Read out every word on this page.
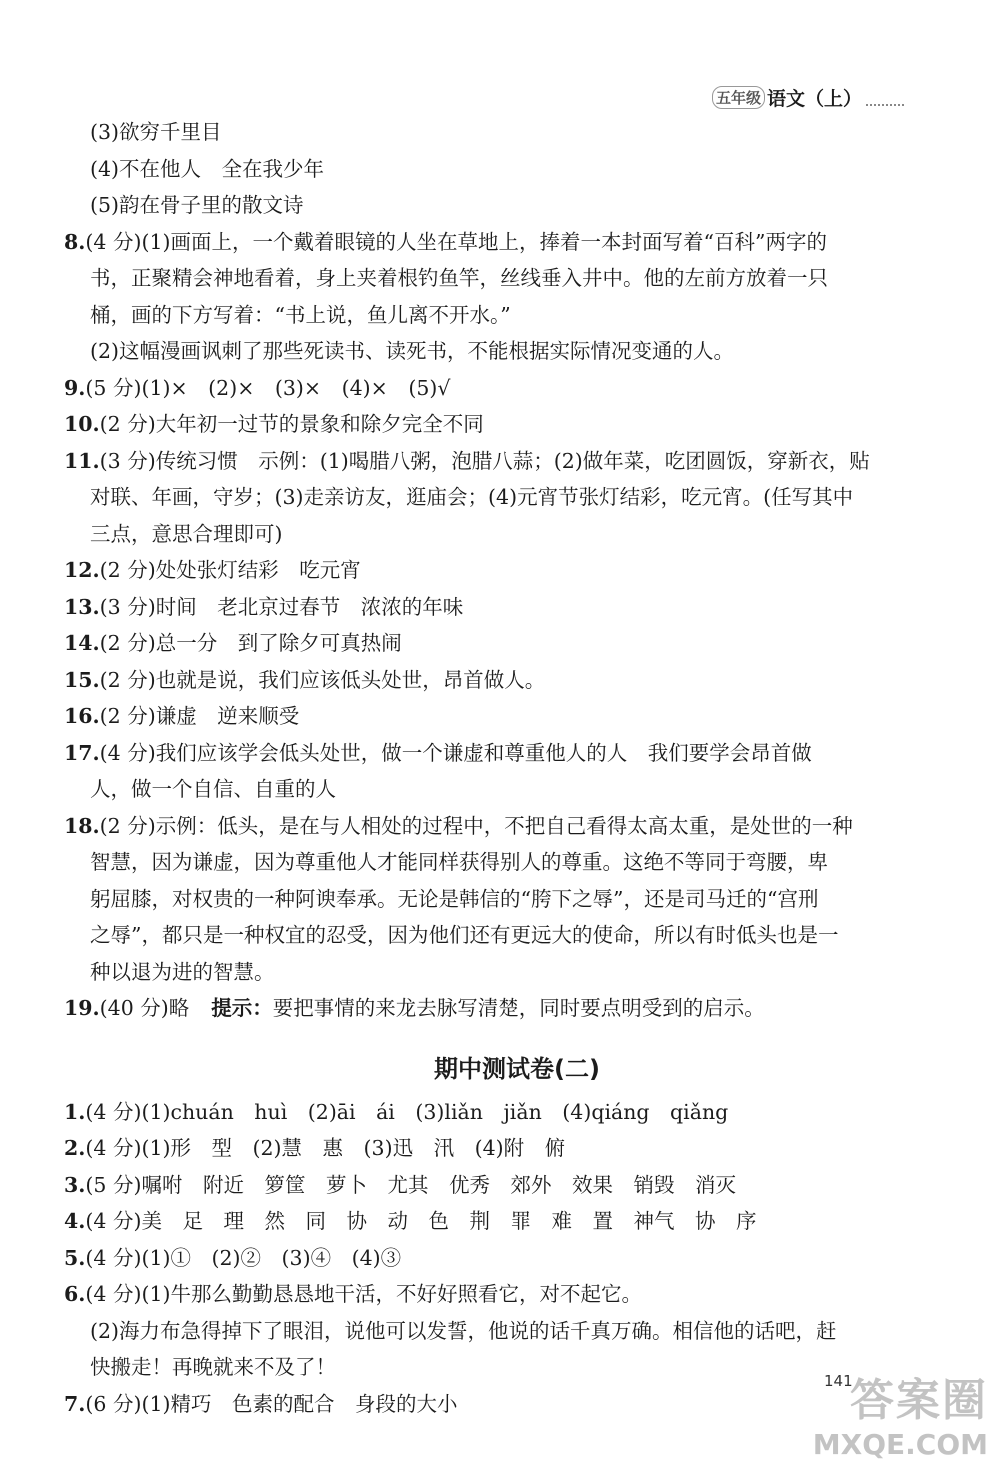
五年级 语文（上）
(3)欲穷千里目
(4)不在他人　全在我少年
(5)韵在骨子里的散文诗
8.(4 分)(1)画面上，一个戴着眼镜的人坐在草地上，捧着一本封面写着“百科”两字的
书，正聚精会神地看着，身上夹着根钓鱼竿，丝线垂入井中。他的左前方放着一只
桶，画的下方写着：“书上说，鱼儿离不开水。”
(2)这幅漫画讽刺了那些死读书、读死书，不能根据实际情况变通的人。
9.(5 分)(1)×　(2)×　(3)×　(4)×　(5)√
10.(2 分)大年初一过节的景象和除夕完全不同
11.(3 分)传统习惯　示例：(1)喝腊八粥，泡腊八蒜；(2)做年菜，吃团圆饭，穿新衣，贴
对联、年画，守岁；(3)走亲访友，逛庙会；(4)元宵节张灯结彩，吃元宵。(任写其中
三点，意思合理即可)
12.(2 分)处处张灯结彩　吃元宵
13.(3 分)时间　老北京过春节　浓浓的年味
14.(2 分)总一分　到了除夕可真热闹
15.(2 分)也就是说，我们应该低头处世，昂首做人。
16.(2 分)谦虚　逆来顺受
17.(4 分)我们应该学会低头处世，做一个谦虚和尊重他人的人　我们要学会昂首做
人，做一个自信、自重的人
18.(2 分)示例：低头，是在与人相处的过程中，不把自己看得太高太重，是处世的一种
智慧，因为谦虚，因为尊重他人才能同样获得别人的尊重。这绝不等同于弯腰，卑
躬屈膝，对权贵的一种阿谀奉承。无论是韩信的“胯下之辱”，还是司马迁的“宫刑
之辱”，都只是一种权宜的忍受，因为他们还有更远大的使命，所以有时低头也是一
种以退为进的智慧。
19.(40 分)略 提示：要把事情的来龙去脉写清楚，同时要点明受到的启示。
期中测试卷(二)
1.(4 分)(1)chuán　huì　(2)āi　ái　(3)liǎn　jiǎn　(4)qiáng　qiǎng
2.(4 分)(1)形　型　(2)慧　惠　(3)迅　汛　(4)附　俯
3.(5 分)嘱咐　附近　箩筐　萝卜　尤其　优秀　郊外　效果　销毁　消灭
4.(4 分)美　足　理　然　同　协　动　色　荆　罪　难　置　神气　协　序
5.(4 分)(1)①　(2)②　(3)④　(4)③
6.(4 分)(1)牛那么勤勤恳恳地干活，不好好照看它，对不起它。
(2)海力布急得掉下了眼泪，说他可以发誓，他说的话千真万确。相信他的话吧，赶
快搬走！再晚就来不及了！
7.(6 分)(1)精巧　色素的配合　身段的大小
141
答案圈
MXQE.COM
